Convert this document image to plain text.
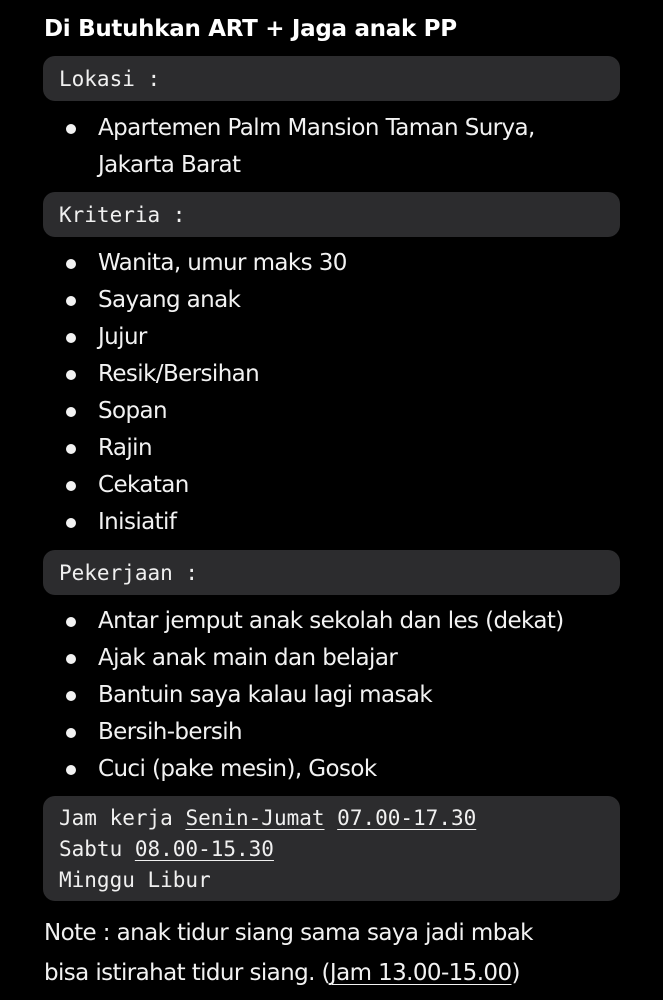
Di Butuhkan ART + Jaga anak PP
Lokasi :
Apartemen Palm Mansion Taman Surya,
Jakarta Barat
Kriteria :
Wanita, umur maks 30
Sayang anak
Jujur
Resik/Bersihan
Sopan
Rajin
Cekatan
Inisiatif
Pekerjaan :
Antar jemput anak sekolah dan les (dekat)
Ajak anak main dan belajar
Bantuin saya kalau lagi masak
Bersih-bersih
Cuci (pake mesin), Gosok
Jam kerja Senin-Jumat 07.00-17.30
Sabtu 08.00-15.30
Minggu Libur
Note : anak tidur siang sama saya jadi mbak
bisa istirahat tidur siang. (Jam 13.00-15.00)
